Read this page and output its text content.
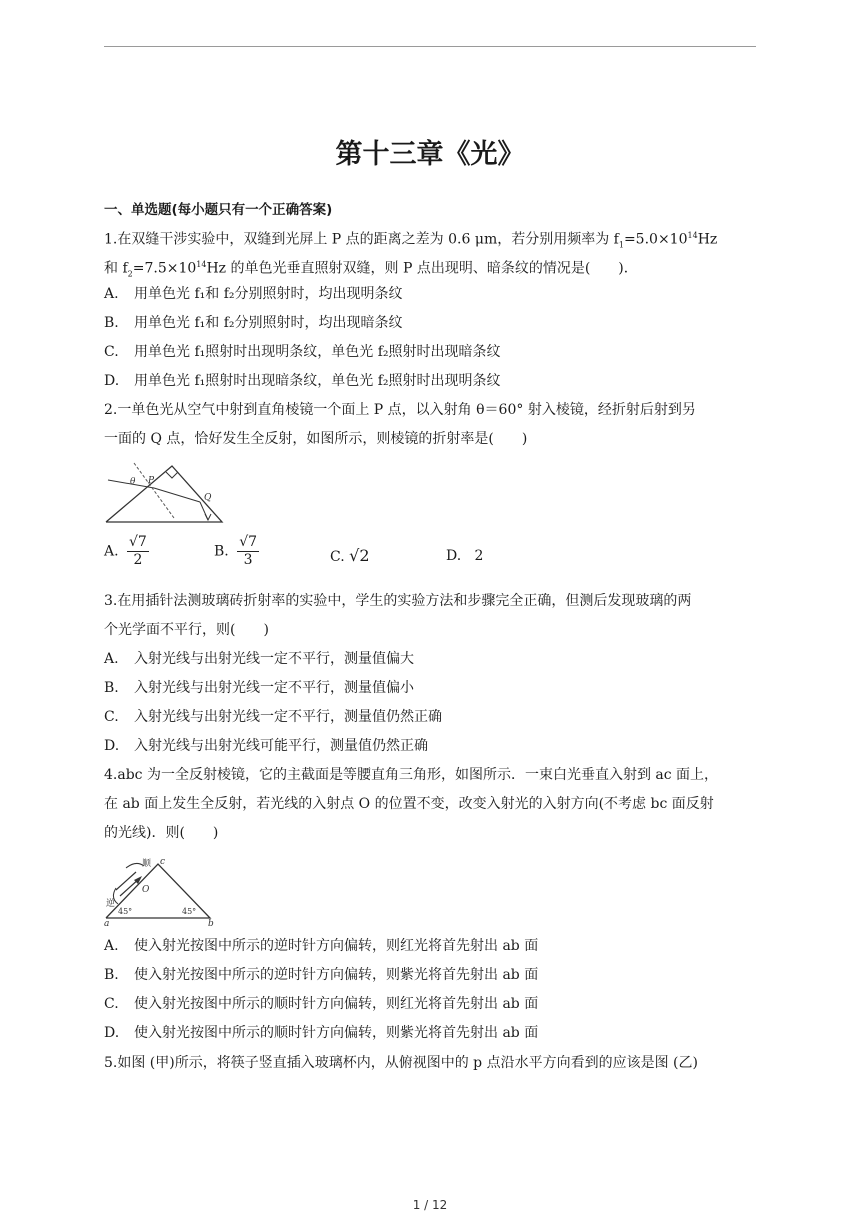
第十三章《光》
一、单选题(每小题只有一个正确答案)
1.在双缝干涉实验中，双缝到光屏上 P 点的距离之差为 0.6 μm，若分别用频率为 $f_1=5.0\times 10^{14}Hz$
和 $f_2=7.5\times 10^{14}Hz$ 的单色光垂直照射双缝，则 P 点出现明、暗条纹的情况是(　　)．
A. 用单色光 f₁和 f₂分别照射时，均出现明条纹
B. 用单色光 f₁和 f₂分别照射时，均出现暗条纹
C. 用单色光 f₁照射时出现明条纹，单色光 f₂照射时出现暗条纹
D. 用单色光 f₁照射时出现暗条纹，单色光 f₂照射时出现明条纹
2.一单色光从空气中射到直角棱镜一个面上 P 点，以入射角 θ＝60° 射入棱镜，经折射后射到另
一面的 Q 点，恰好发生全反射，如图所示，则棱镜的折射率是(　　)
θ P
Q
A. $\frac{√7}{2}$	B. $\frac{√7}{3}$	C. √2	D. 2
3.在用插针法测玻璃砖折射率的实验中，学生的实验方法和步骤完全正确，但测后发现玻璃的两
个光学面不平行，则(　　)
A. 入射光线与出射光线一定不平行，测量值偏大
B. 入射光线与出射光线一定不平行，测量值偏小
C. 入射光线与出射光线一定不平行，测量值仍然正确
D. 入射光线与出射光线可能平行，测量值仍然正确
4.abc 为一全反射棱镜，它的主截面是等腰直角三角形，如图所示．一束白光垂直入射到 ac 面上，
在 ab 面上发生全反射，若光线的入射点 O 的位置不变，改变入射光的入射方向(不考虑 bc 面反射
的光线)．则(　　)
顺 c
O
逆
45°	45°
a	b
A. 使入射光按图中所示的逆时针方向偏转，则红光将首先射出 ab 面
B. 使入射光按图中所示的逆时针方向偏转，则紫光将首先射出 ab 面
C. 使入射光按图中所示的顺时针方向偏转，则红光将首先射出 ab 面
D. 使入射光按图中所示的顺时针方向偏转，则紫光将首先射出 ab 面
5.如图 (甲)所示，将筷子竖直插入玻璃杯内，从俯视图中的 p 点沿水平方向看到的应该是图 (乙)
1 / 12
